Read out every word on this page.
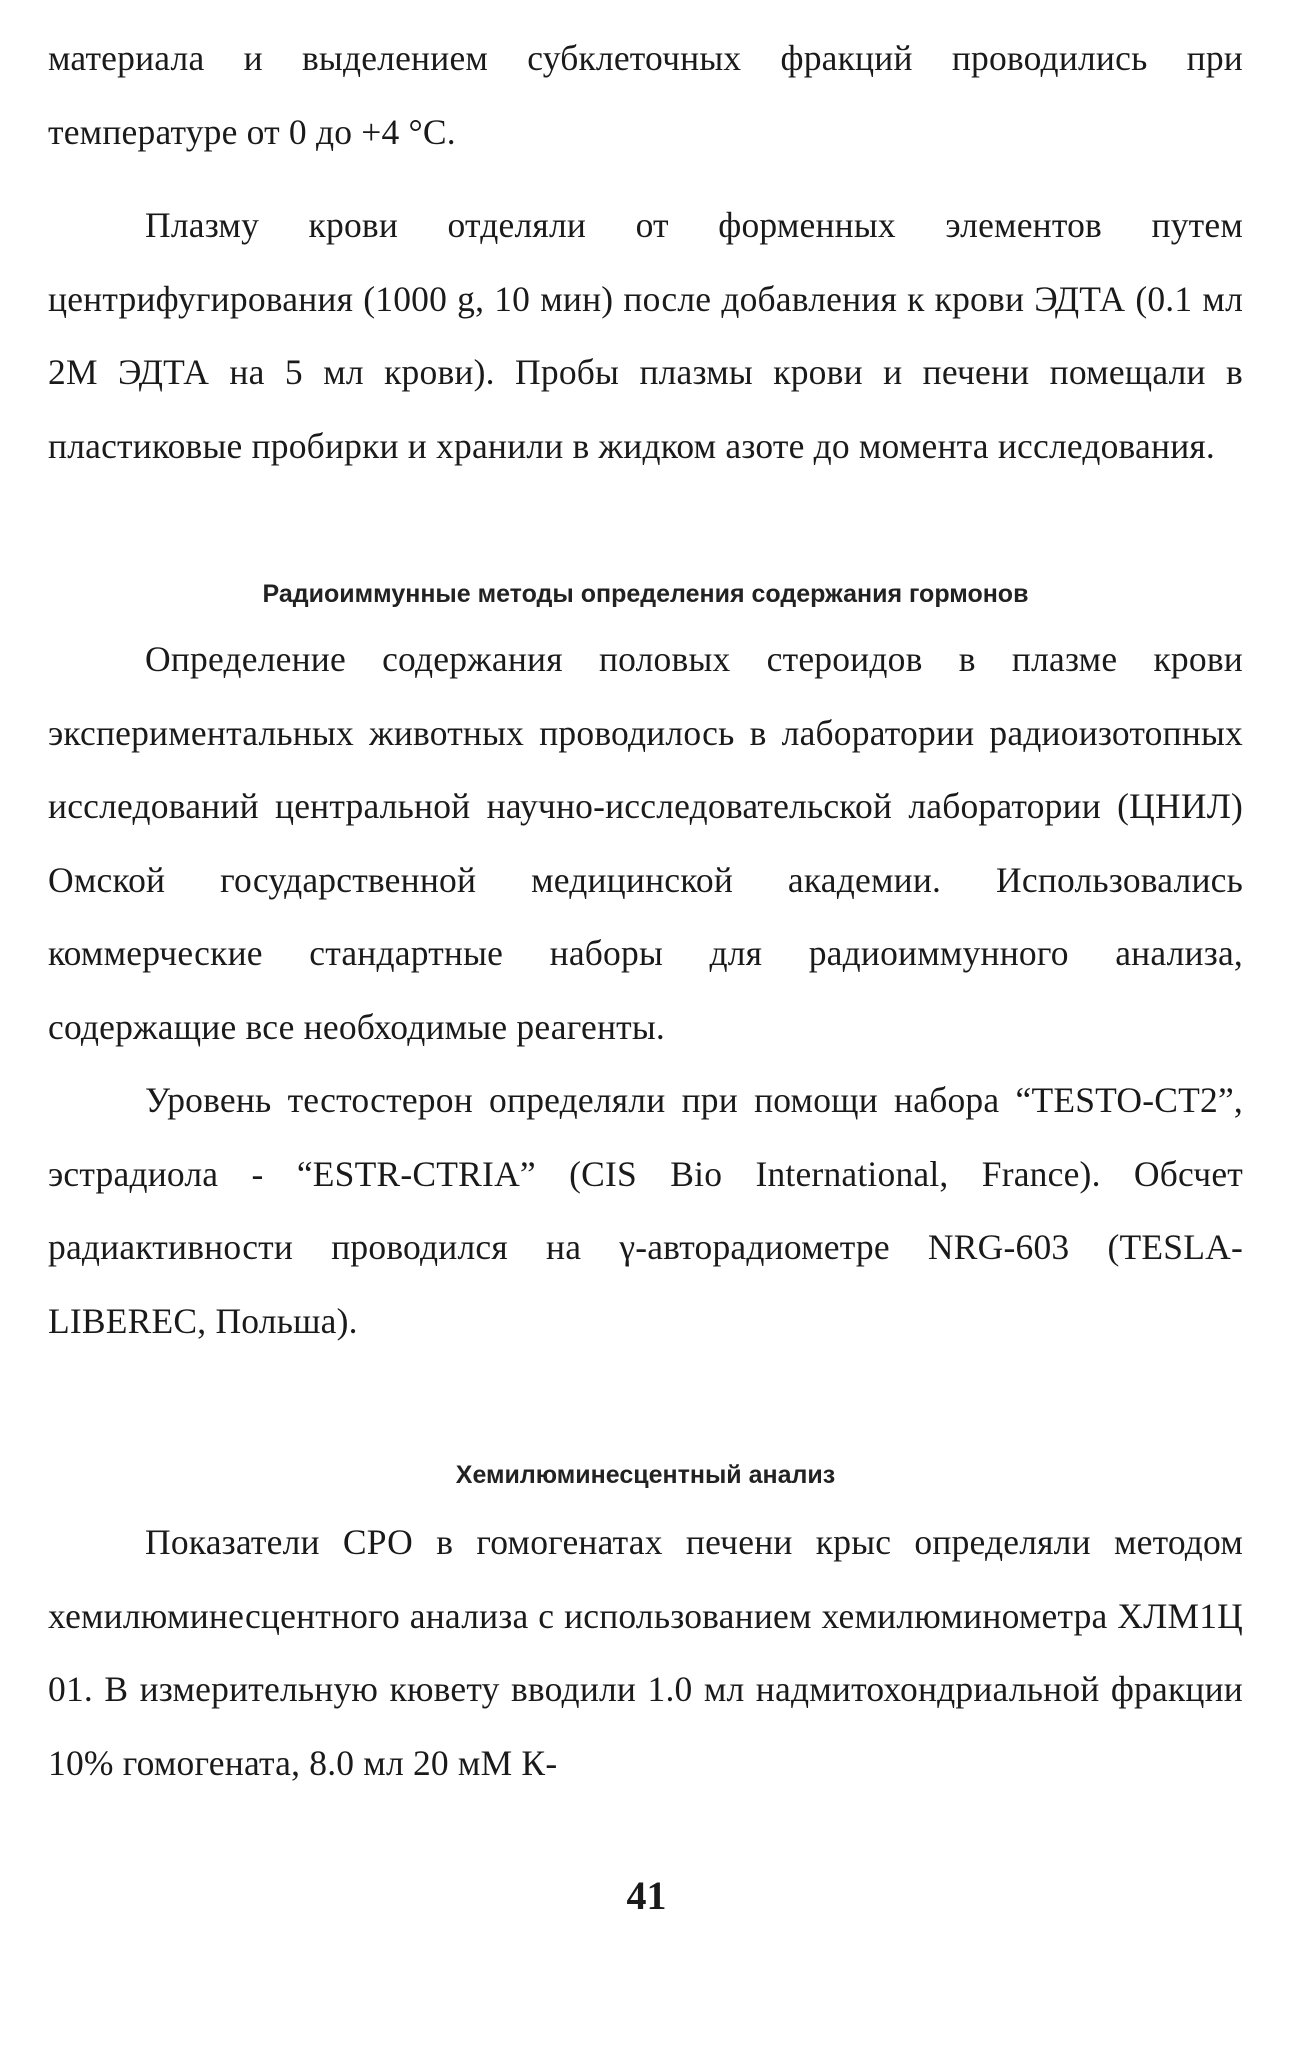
материала и выделением субклеточных фракций проводились при температуре от 0 до +4 °С.

Плазму крови отделяли от форменных элементов путем центрифугирования (1000 g, 10 мин) после добавления к крови ЭДТА (0.1 мл 2М ЭДТА на 5 мл крови). Пробы плазмы крови и печени помещали в пластиковые пробирки и хранили в жидком азоте до момента исследования.

Радиоиммунные методы определения содержания гормонов

Определение содержания половых стероидов в плазме крови экспериментальных животных проводилось в лаборатории радиоизотопных исследований центральной научно-исследовательской лаборатории (ЦНИЛ) Омской государственной медицинской академии. Использовались коммерческие стандартные наборы для радиоиммунного анализа, содержащие все необходимые реагенты.

Уровень тестостерон определяли при помощи набора “TESTO-CT2”, эстрадиола - “ESTR-CTRIA” (CIS Bio International, France). Обсчет радиактивности проводился на γ-авторадиометре NRG-603 (TESLA-LIBEREC, Польша).

Хемилюминесцентный анализ

Показатели СРО в гомогенатах печени крыс определяли методом хемилюминесцентного анализа с использованием хемилюминометра ХЛМ1Ц 01. В измерительную кювету вводили 1.0 мл надмитохондриальной фракции 10% гомогената, 8.0 мл 20 мМ К-

41
